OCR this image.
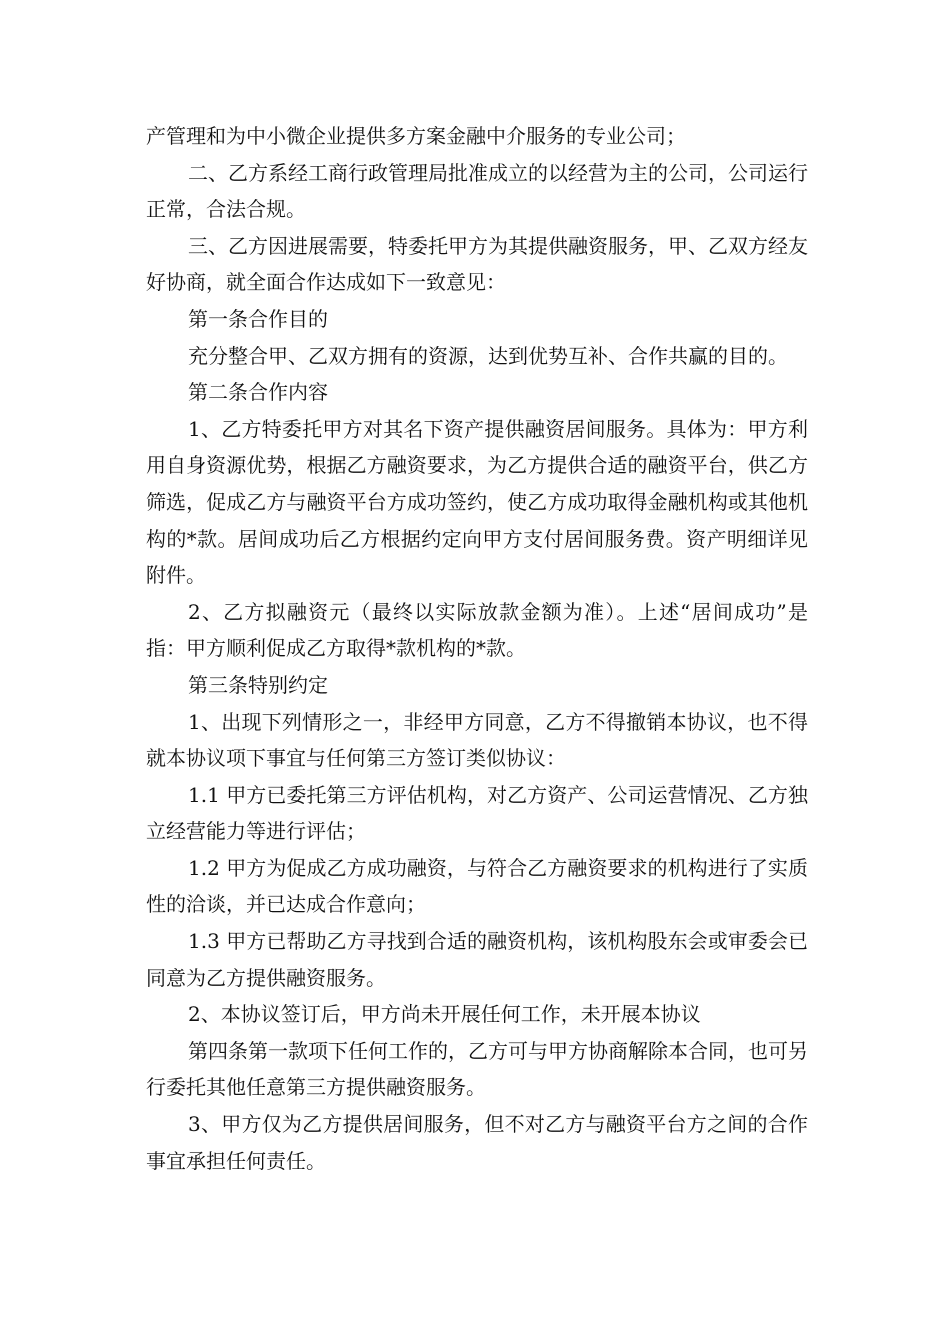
产管理和为中小微企业提供多方案金融中介服务的专业公司；

二、乙方系经工商行政管理局批准成立的以经营为主的公司，公司运行正常，合法合规。

三、乙方因进展需要，特委托甲方为其提供融资服务，甲、乙双方经友好协商，就全面合作达成如下一致意见：

第一条合作目的

充分整合甲、乙双方拥有的资源，达到优势互补、合作共赢的目的。

第二条合作内容

1、乙方特委托甲方对其名下资产提供融资居间服务。具体为：甲方利用自身资源优势，根据乙方融资要求，为乙方提供合适的融资平台，供乙方筛选，促成乙方与融资平台方成功签约，使乙方成功取得金融机构或其他机构的*款。居间成功后乙方根据约定向甲方支付居间服务费。资产明细详见附件。

2、乙方拟融资元（最终以实际放款金额为准）。上述“居间成功”是指：甲方顺利促成乙方取得*款机构的*款。

第三条特别约定

1、出现下列情形之一，非经甲方同意，乙方不得撤销本协议，也不得就本协议项下事宜与任何第三方签订类似协议：

1.1 甲方已委托第三方评估机构，对乙方资产、公司运营情况、乙方独立经营能力等进行评估；

1.2 甲方为促成乙方成功融资，与符合乙方融资要求的机构进行了实质性的洽谈，并已达成合作意向；

1.3 甲方已帮助乙方寻找到合适的融资机构，该机构股东会或审委会已同意为乙方提供融资服务。

2、本协议签订后，甲方尚未开展任何工作，未开展本协议

第四条第一款项下任何工作的，乙方可与甲方协商解除本合同，也可另行委托其他任意第三方提供融资服务。

3、甲方仅为乙方提供居间服务，但不对乙方与融资平台方之间的合作事宜承担任何责任。
